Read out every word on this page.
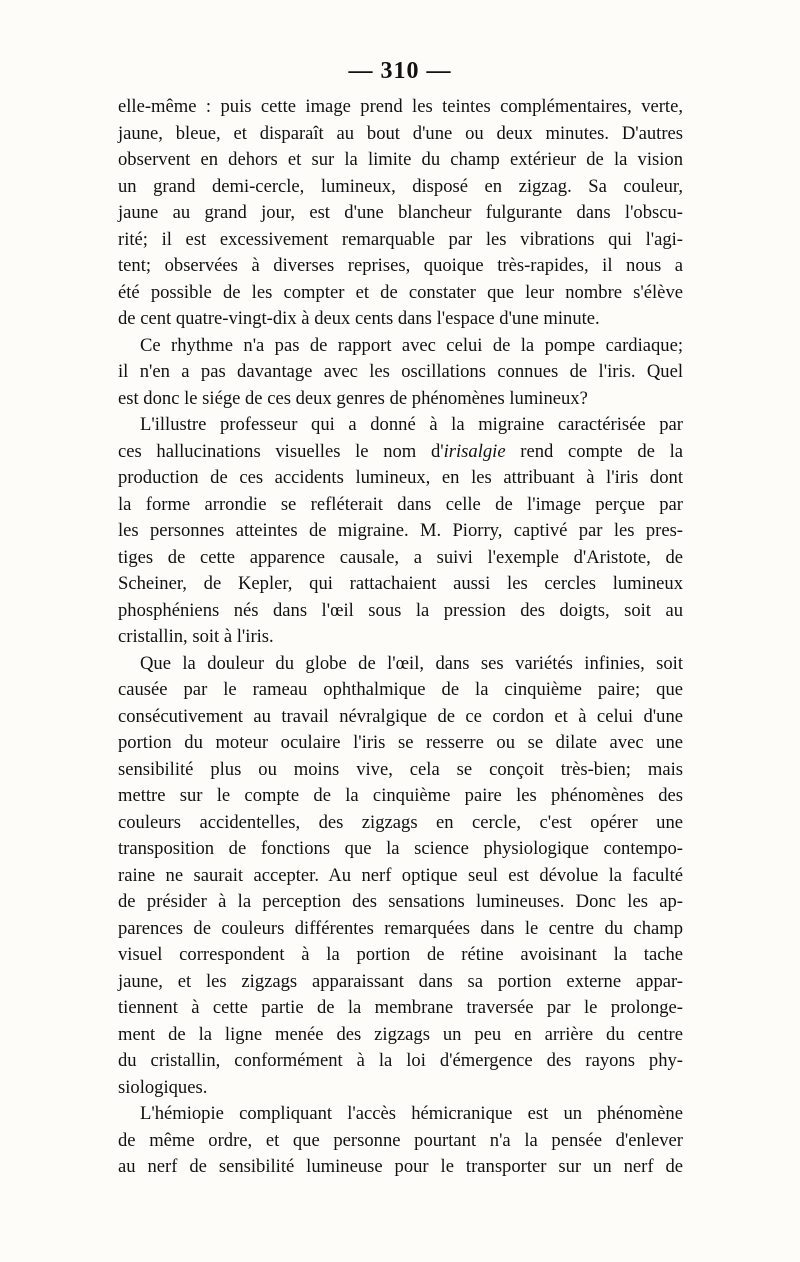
— 310 —
elle-même : puis cette image prend les teintes complémentaires, verte,
jaune, bleue, et disparaît au bout d'une ou deux minutes. D'autres
observent en dehors et sur la limite du champ extérieur de la vision
un grand demi-cercle, lumineux, disposé en zigzag. Sa couleur,
jaune au grand jour, est d'une blancheur fulgurante dans l'obscu-
rité; il est excessivement remarquable par les vibrations qui l'agi-
tent; observées à diverses reprises, quoique très-rapides, il nous a
été possible de les compter et de constater que leur nombre s'élève
de cent quatre-vingt-dix à deux cents dans l'espace d'une minute.
Ce rhythme n'a pas de rapport avec celui de la pompe cardiaque;
il n'en a pas davantage avec les oscillations connues de l'iris. Quel
est donc le siége de ces deux genres de phénomènes lumineux?
L'illustre professeur qui a donné à la migraine caractérisée par
ces hallucinations visuelles le nom d'irisalgie rend compte de la
production de ces accidents lumineux, en les attribuant à l'iris dont
la forme arrondie se refléterait dans celle de l'image perçue par
les personnes atteintes de migraine. M. Piorry, captivé par les pres-
tiges de cette apparence causale, a suivi l'exemple d'Aristote, de
Scheiner, de Kepler, qui rattachaient aussi les cercles lumineux
phosphéniens nés dans l'œil sous la pression des doigts, soit au
cristallin, soit à l'iris.
Que la douleur du globe de l'œil, dans ses variétés infinies, soit
causée par le rameau ophthalmique de la cinquième paire; que
consécutivement au travail névralgique de ce cordon et à celui d'une
portion du moteur oculaire l'iris se resserre ou se dilate avec une
sensibilité plus ou moins vive, cela se conçoit très-bien; mais
mettre sur le compte de la cinquième paire les phénomènes des
couleurs accidentelles, des zigzags en cercle, c'est opérer une
transposition de fonctions que la science physiologique contempo-
raine ne saurait accepter. Au nerf optique seul est dévolue la faculté
de présider à la perception des sensations lumineuses. Donc les ap-
parences de couleurs différentes remarquées dans le centre du champ
visuel correspondent à la portion de rétine avoisinant la tache
jaune, et les zigzags apparaissant dans sa portion externe appar-
tiennent à cette partie de la membrane traversée par le prolonge-
ment de la ligne menée des zigzags un peu en arrière du centre
du cristallin, conformément à la loi d'émergence des rayons phy-
siologiques.
L'hémiopie compliquant l'accès hémicranique est un phénomène
de même ordre, et que personne pourtant n'a la pensée d'enlever
au nerf de sensibilité lumineuse pour le transporter sur un nerf de
